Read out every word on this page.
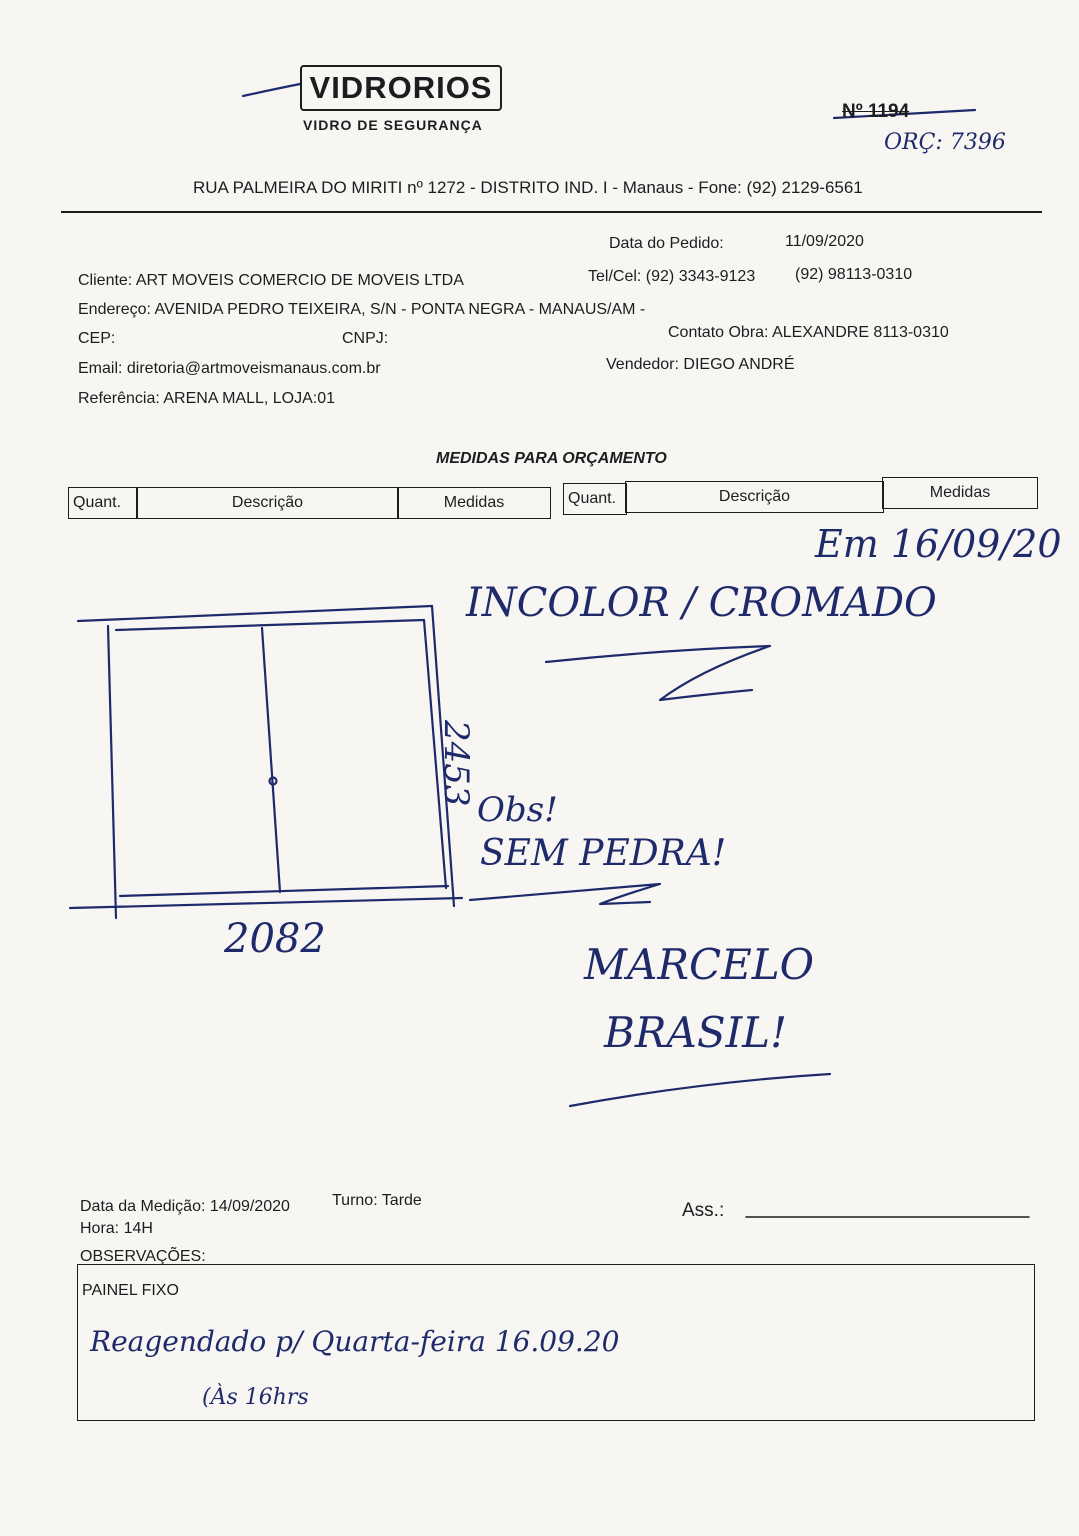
VIDRORIOS
VIDRO DE SEGURANÇA
Nº 1194
ORÇ: 7396
RUA PALMEIRA DO MIRITI nº 1272 - DISTRITO IND. I - Manaus - Fone: (92) 2129-6561
Data do Pedido:	11/09/2020
Cliente: ART MOVEIS COMERCIO DE MOVEIS LTDA	Tel/Cel: (92) 3343-9123 (92) 98113-0310
Endereço: AVENIDA PEDRO TEIXEIRA, S/N - PONTA NEGRA - MANAUS/AM -
CEP:	CNPJ:	Contato Obra: ALEXANDRE 8113-0310
Email: diretoria@artmoveismanaus.com.br	Vendedor: DIEGO ANDRÉ
Referência: ARENA MALL, LOJA:01
MEDIDAS PARA ORÇAMENTO
Quant.	Descrição	Medidas	Quant.	Descrição	Medidas
Em 16/09/20
INCOLOR / CROMADO
2453
Obs!
SEM PEDRA!
2082
MARCELO
BRASIL!
Data da Medição: 14/09/2020	Turno: Tarde
Hora: 14H
Ass.:
OBSERVAÇÕES:
PAINEL FIXO
Reagendado p/ Quarta-feira 16.09.20
(Às 16hrs
